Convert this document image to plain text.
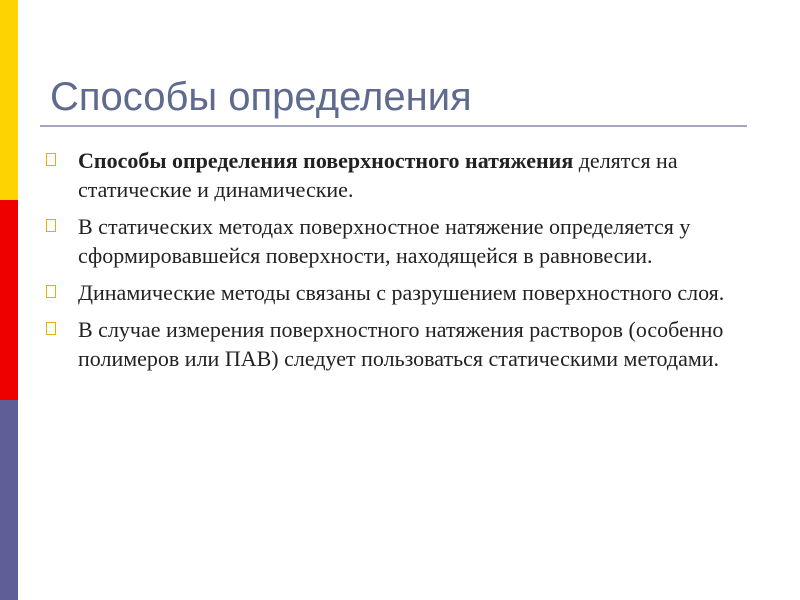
Способы определения
Способы определения поверхностного натяжения делятся на статические и динамические.
В статических методах поверхностное натяжение определяется у сформировавшейся поверхности, находящейся в равновесии.
Динамические методы связаны с разрушением поверхностного слоя.
В случае измерения поверхностного натяжения растворов (особенно полимеров или ПАВ) следует пользоваться статическими методами.
